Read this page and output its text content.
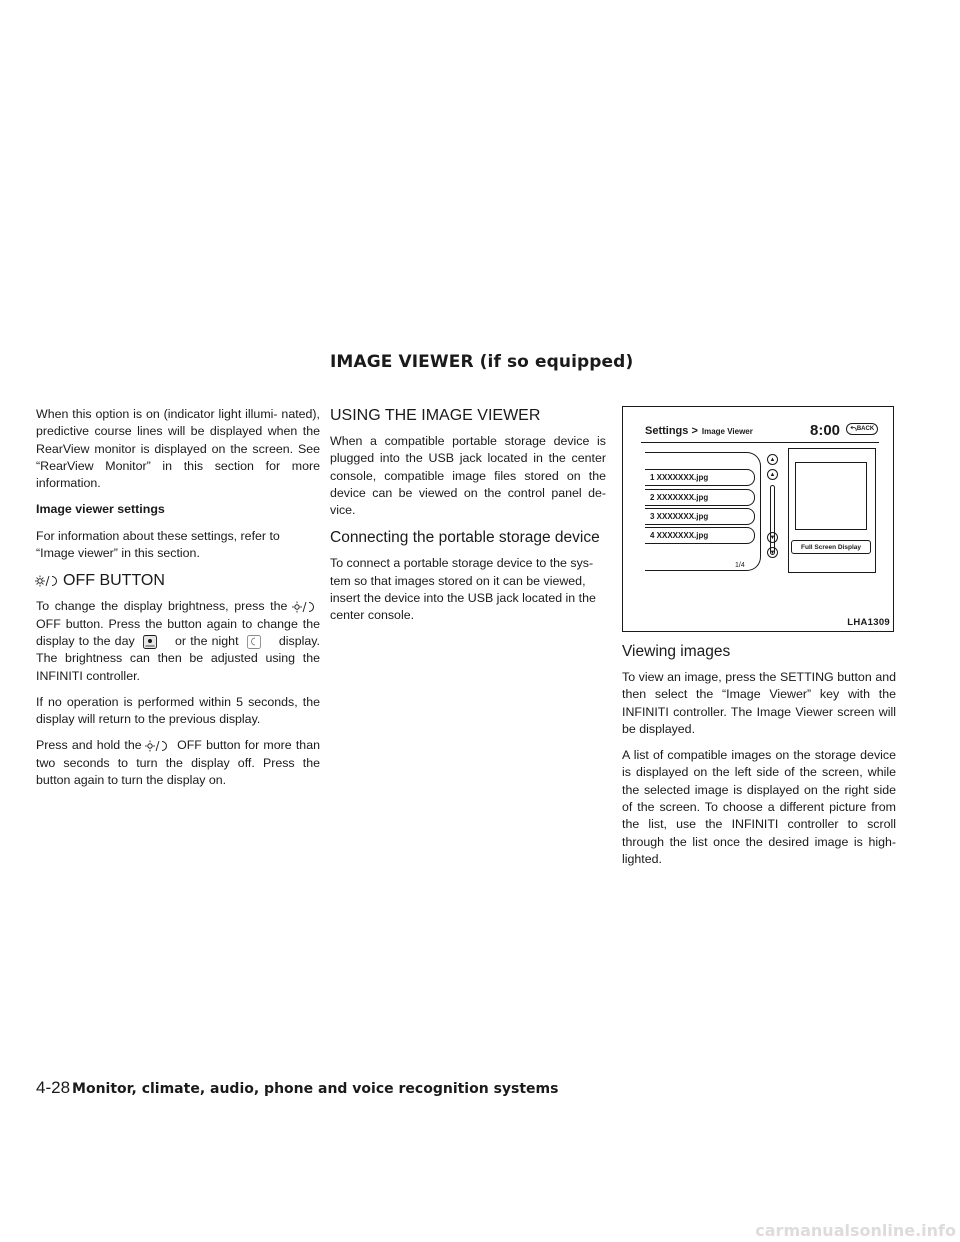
IMAGE VIEWER (if so equipped)

When this option is on (indicator light illumi- nated), predictive course lines will be displayed when the RearView monitor is displayed on the screen. See “RearView Monitor” in this section for more information.

Image viewer settings

For information about these settings, refer to “Image viewer” in this section.

OFF BUTTON

To change the display brightness, press the  OFF button. Press the button again to change the display to the day	or the night	display. The brightness can then be adjusted using the INFINITI controller.

If no operation is performed within 5 seconds, the display will return to the previous display.

Press and hold the	OFF button for more than two seconds to turn the display off. Press the button again to turn the display on.

USING THE IMAGE VIEWER

When a compatible portable storage device is plugged into the USB jack located in the center console, compatible image files stored on the device can be viewed on the control panel de- vice.

Connecting the portable storage device

To connect a portable storage device to the sys- tem so that images stored on it can be viewed, insert the device into the USB jack located in the center console.

Settings > Image Viewer	8:00	BACK
1 XXXXXXX.jpg
2 XXXXXXX.jpg
3 XXXXXXX.jpg
4 XXXXXXX.jpg
1/4
▲
▲
▼
▼
Full Screen Display
LHA1309
Viewing images

To view an image, press the SETTING button and then select the “Image Viewer” key with the INFINITI controller. The Image Viewer screen will be displayed.

A list of compatible images on the storage device is displayed on the left side of the screen, while the selected image is displayed on the right side of the screen. To choose a different picture from the list, use the INFINITI controller to scroll through the list once the desired image is high- lighted.

4-28 Monitor, climate, audio, phone and voice recognition systems
carmanualsonline.info
